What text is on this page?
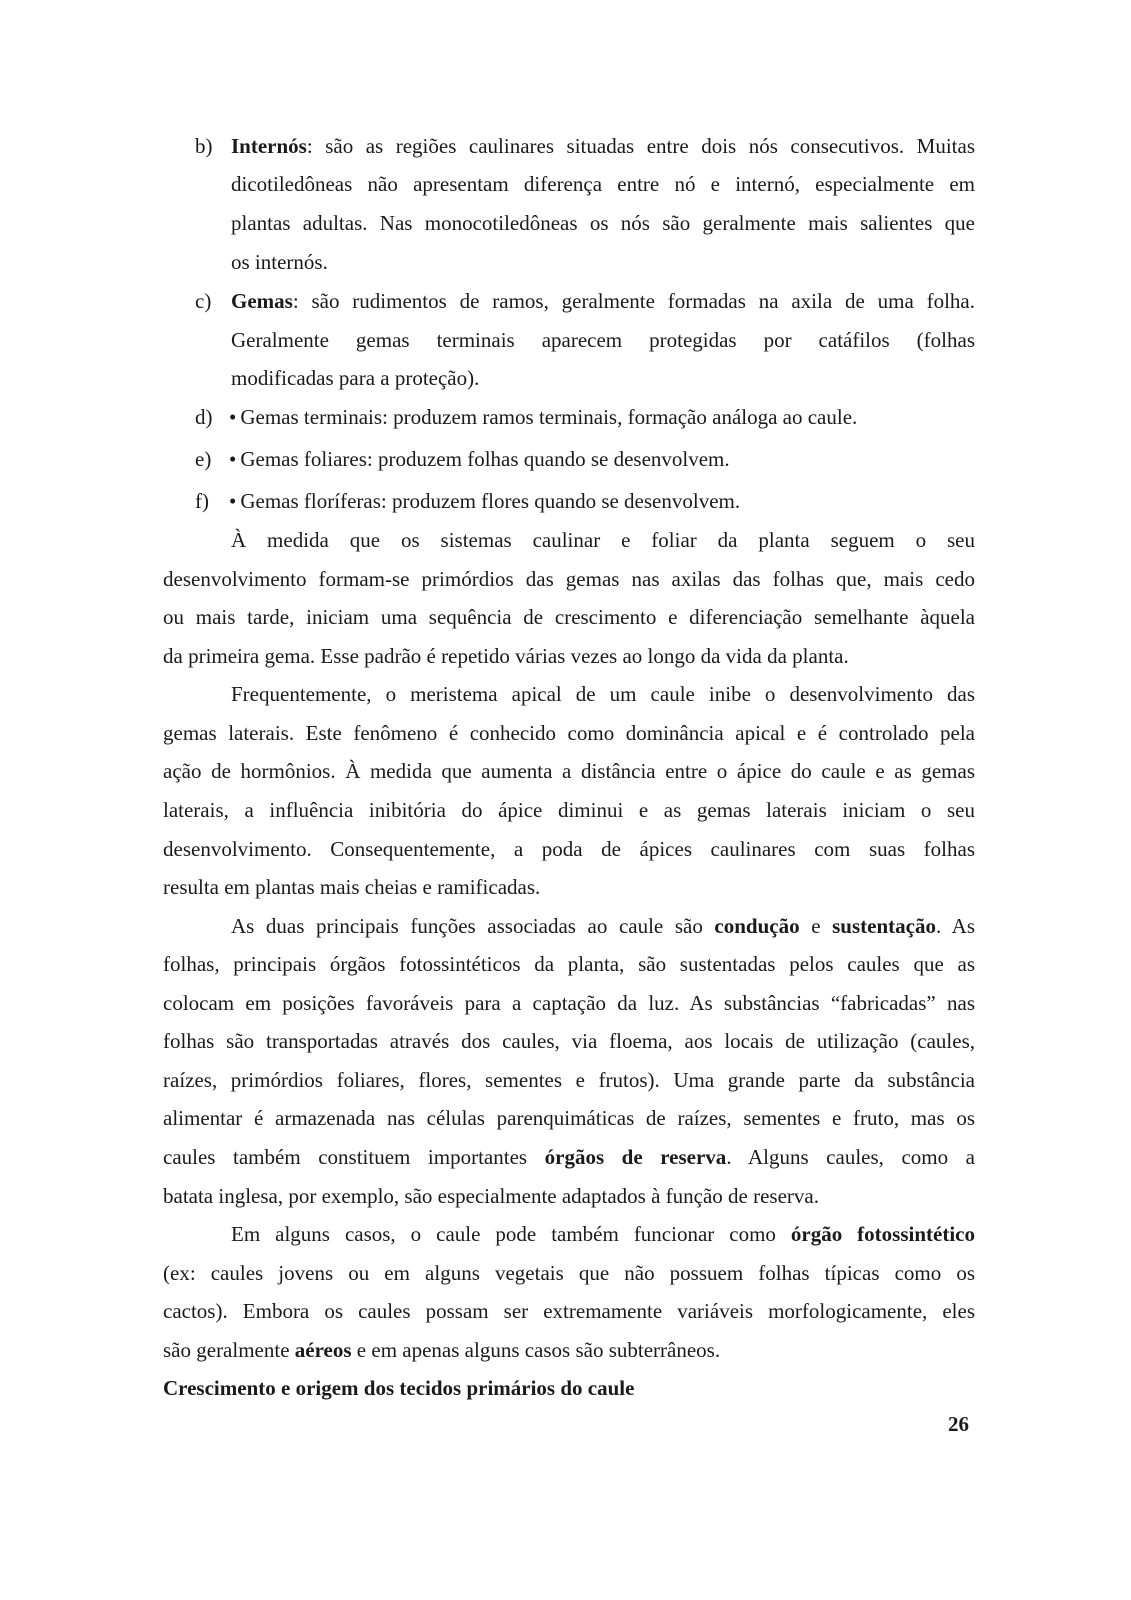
b) Internós: são as regiões caulinares situadas entre dois nós consecutivos. Muitas
dicotiledôneas não apresentam diferença entre nó e internó, especialmente em
plantas adultas. Nas monocotiledôneas os nós são geralmente mais salientes que
os internós.
c) Gemas: são rudimentos de ramos, geralmente formadas na axila de uma folha.
Geralmente gemas terminais aparecem protegidas por catáfilos (folhas
modificadas para a proteção).
d) • Gemas terminais: produzem ramos terminais, formação análoga ao caule.
e) • Gemas foliares: produzem folhas quando se desenvolvem.
f) • Gemas floríferas: produzem flores quando se desenvolvem.
À medida que os sistemas caulinar e foliar da planta seguem o seu
desenvolvimento formam-se primórdios das gemas nas axilas das folhas que, mais cedo
ou mais tarde, iniciam uma sequência de crescimento e diferenciação semelhante àquela
da primeira gema. Esse padrão é repetido várias vezes ao longo da vida da planta.
Frequentemente, o meristema apical de um caule inibe o desenvolvimento das
gemas laterais. Este fenômeno é conhecido como dominância apical e é controlado pela
ação de hormônios. À medida que aumenta a distância entre o ápice do caule e as gemas
laterais, a influência inibitória do ápice diminui e as gemas laterais iniciam o seu
desenvolvimento. Consequentemente, a poda de ápices caulinares com suas folhas
resulta em plantas mais cheias e ramificadas.
As duas principais funções associadas ao caule são condução e sustentação. As
folhas, principais órgãos fotossintéticos da planta, são sustentadas pelos caules que as
colocam em posições favoráveis para a captação da luz. As substâncias “fabricadas” nas
folhas são transportadas através dos caules, via floema, aos locais de utilização (caules,
raízes, primórdios foliares, flores, sementes e frutos). Uma grande parte da substância
alimentar é armazenada nas células parenquimáticas de raízes, sementes e fruto, mas os
caules também constituem importantes órgãos de reserva. Alguns caules, como a
batata inglesa, por exemplo, são especialmente adaptados à função de reserva.
Em alguns casos, o caule pode também funcionar como órgão fotossintético
(ex: caules jovens ou em alguns vegetais que não possuem folhas típicas como os
cactos). Embora os caules possam ser extremamente variáveis morfologicamente, eles
são geralmente aéreos e em apenas alguns casos são subterrâneos.
Crescimento e origem dos tecidos primários do caule
26
